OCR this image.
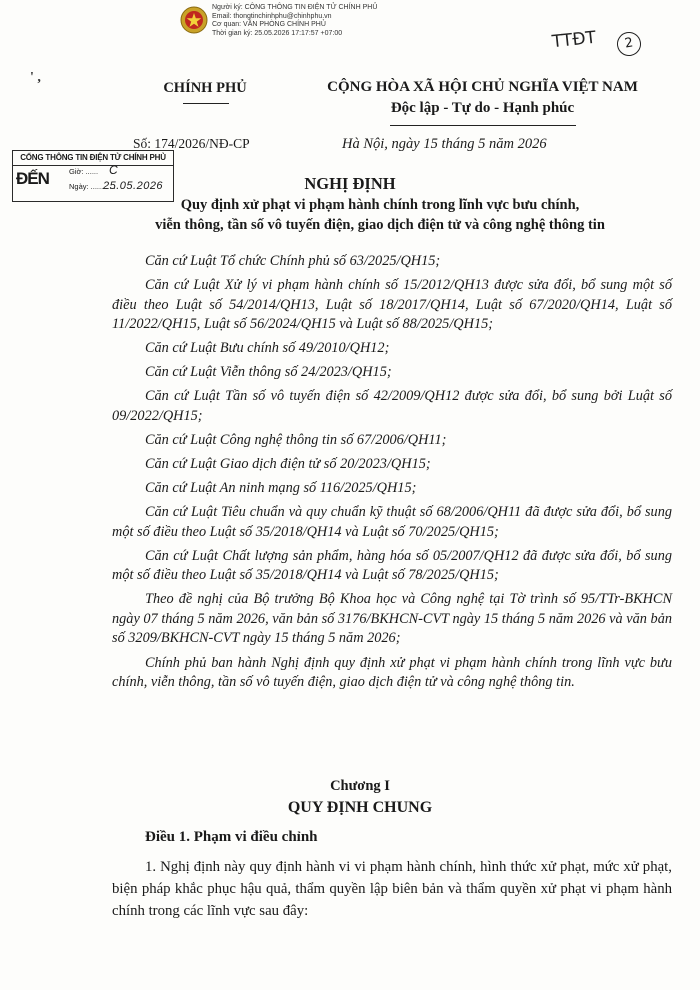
Người ký: CÔNG THÔNG TIN ĐIỆN TỬ CHÍNH PHỦ
Email: thongtinchinhphu@chinhphu.vn
Cơ quan: VĂN PHÒNG CHÍNH PHỦ
Thời gian ký: 25.05.2026 17:17:57 +07:00	TTĐT	2
' ,
CHÍNH PHỦ	CỘNG HÒA XÃ HỘI CHỦ NGHĨA VIỆT NAM
Độc lập - Tự do - Hạnh phúc
Số: 174/2026/NĐ-CP	Hà Nội, ngày 15 tháng 5 năm 2026
CỔNG THÔNG TIN ĐIỆN TỬ CHÍNH PHỦ
ĐẾN	Giờ: ...... C
Ngày: ............
25.05.2026	NGHỊ ĐỊNH
Quy định xử phạt vi phạm hành chính trong lĩnh vực bưu chính,
viễn thông, tần số vô tuyến điện, giao dịch điện tử và công nghệ thông tin

Căn cứ Luật Tổ chức Chính phủ số 63/2025/QH15;

Căn cứ Luật Xử lý vi phạm hành chính số 15/2012/QH13 được sửa đổi, bổ sung một số điều theo Luật số 54/2014/QH13, Luật số 18/2017/QH14, Luật số 67/2020/QH14, Luật số 11/2022/QH15, Luật số 56/2024/QH15 và Luật số 88/2025/QH15;

Căn cứ Luật Bưu chính số 49/2010/QH12;

Căn cứ Luật Viễn thông số 24/2023/QH15;

Căn cứ Luật Tần số vô tuyến điện số 42/2009/QH12 được sửa đổi, bổ sung bởi Luật số 09/2022/QH15;

Căn cứ Luật Công nghệ thông tin số 67/2006/QH11;

Căn cứ Luật Giao dịch điện tử số 20/2023/QH15;

Căn cứ Luật An ninh mạng số 116/2025/QH15;

Căn cứ Luật Tiêu chuẩn và quy chuẩn kỹ thuật số 68/2006/QH11 đã được sửa đổi, bổ sung một số điều theo Luật số 35/2018/QH14 và Luật số 70/2025/QH15;

Căn cứ Luật Chất lượng sản phẩm, hàng hóa số 05/2007/QH12 đã được sửa đổi, bổ sung một số điều theo Luật số 35/2018/QH14 và Luật số 78/2025/QH15;

Theo đề nghị của Bộ trưởng Bộ Khoa học và Công nghệ tại Tờ trình số 95/TTr-BKHCN ngày 07 tháng 5 năm 2026, văn bản số 3176/BKHCN-CVT ngày 15 tháng 5 năm 2026 và văn bản số 3209/BKHCN-CVT ngày 15 tháng 5 năm 2026;

Chính phủ ban hành Nghị định quy định xử phạt vi phạm hành chính trong lĩnh vực bưu chính, viễn thông, tần số vô tuyến điện, giao dịch điện tử và công nghệ thông tin.

Chương I
QUY ĐỊNH CHUNG
Điều 1. Phạm vi điều chỉnh

1. Nghị định này quy định hành vi vi phạm hành chính, hình thức xử phạt, mức xử phạt, biện pháp khắc phục hậu quả, thẩm quyền lập biên bản và thẩm quyền xử phạt vi phạm hành chính trong các lĩnh vực sau đây:
